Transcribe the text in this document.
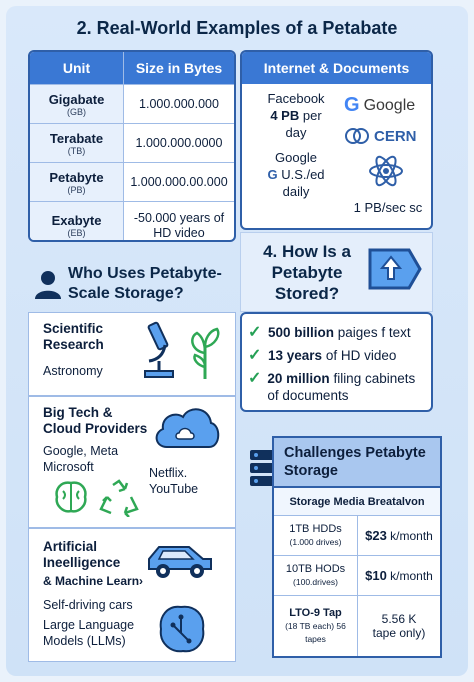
2. Real-World Examples of a Petabate
Unit	Size in Bytes
Gigabate
(GB)
1.000.000.000
Terabate
(TB)
1.000.000.0000
Petabyte
(PB)
1.000.000.00.000
Exabyte
(EB)
-50.000 years of HD video
Internet & Documents
Facebook
4 PB per
day
Google
G U.S./ed
daily
G Google
CERN
1 PB/sec sc
4. How Is a Petabyte Stored?
✓ 500 billion paiges f text
✓ 13 years of HD video
✓ 20 million filing cabinets of documents
Who Uses Petabyte-Scale Storage?
Scientific Research
Astronomy
Big Tech & Cloud Providers
Google, Meta Microsoft	Netflix. YouTube
Artificial Ineelligence
& Machine Learn›
Self-driving cars
Large Language Models (LLMs)
Challenges Petabyte Storage
Storage Media Breatalvon
1TB HDDs
(1.000 drives) $23 k/month
10TB HODs
(100.drives) $10 k/month
LTO-9 Tap
(18 TB each) 56 tapes
5.56 K
tape only)
